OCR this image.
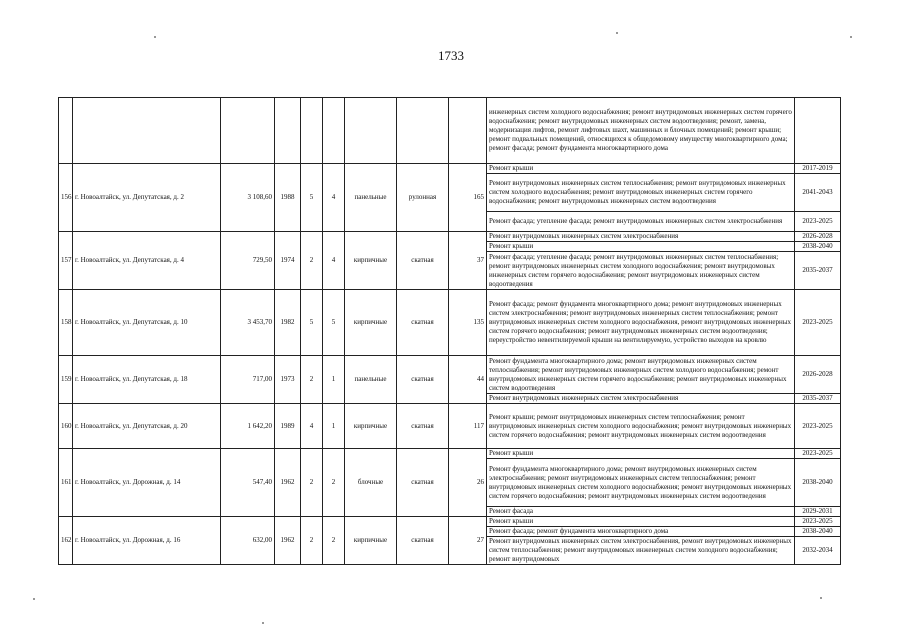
1733
									инженерных систем холодного водоснабжения; ремонт внутридомовых инженерных систем горячего водоснабжения; ремонт внутридомовых инженерных систем водоотведения; ремонт, замена, модернизация лифтов, ремонт лифтовых шахт, машинных и блочных помещений; ремонт крыши; ремонт подвальных помещений, относящихся к общедомовому имуществу многоквартирного дома; ремонт фасада; ремонт фундамента многоквартирного дома	
156	г. Новоалтайск, ул. Депутатская, д. 2	3 108,60	1988	5	4	панельные	рулонная	165	Ремонт крыши	2017-2019
									Ремонт внутридомовых инженерных систем теплоснабжения; ремонт внутридомовых инженерных систем холодного водоснабжения; ремонт внутридомовых инженерных систем горячего водоснабжения; ремонт внутридомовых инженерных систем водоотведения	2041-2043
									Ремонт фасада; утепление фасада; ремонт внутридомовых инженерных систем электроснабжения	2023-2025
157	г. Новоалтайск, ул. Депутатская, д. 4	729,50	1974	2	4	кирпичные	скатная	37	Ремонт внутридомовых инженерных систем электроснабжения	2026-2028
									Ремонт крыши	2038-2040
									Ремонт фасада; утепление фасада; ремонт внутридомовых инженерных систем теплоснабжения; ремонт внутридомовых инженерных систем холодного водоснабжения; ремонт внутридомовых инженерных систем горячего водоснабжения; ремонт внутридомовых инженерных систем водоотведения	2035-2037
158	г. Новоалтайск, ул. Депутатская, д. 10	3 453,70	1982	5	5	кирпичные	скатная	135	Ремонт фасада; ремонт фундамента многоквартирного дома; ремонт внутридомовых инженерных систем электроснабжения; ремонт внутридомовых инженерных систем теплоснабжения; ремонт внутридомовых инженерных систем холодного водоснабжения, ремонт внутридомовых инженерных систем горячего водоснабжения; ремонт внутридомовых инженерных систем водоотведения; переустройство невентилируемой крыши на вентилируемую, устройство выходов на кровлю	2023-2025
159	г. Новоалтайск, ул. Депутатская, д. 18	717,00	1973	2	1	панельные	скатная	44	Ремонт фундамента многоквартирного дома; ремонт внутридомовых инженерных систем теплоснабжения; ремонт внутридомовых инженерных систем холодного водоснабжения; ремонт внутридомовых инженерных систем горячего водоснабжения; ремонт внутридомовых инженерных систем водоотведения	2026-2028
									Ремонт внутридомовых инженерных систем электроснабжения	2035-2037
160	г. Новоалтайск, ул. Депутатская, д. 20	1 642,20	1989	4	1	кирпичные	скатная	117	Ремонт крыши; ремонт внутридомовых инженерных систем теплоснабжения; ремонт внутридомовых инженерных систем холодного водоснабжения; ремонт внутридомовых инженерных систем горячего водоснабжения; ремонт внутридомовых инженерных систем водоотведения	2023-2025
161	г. Новоалтайск, ул. Дорожная, д. 14	547,40	1962	2	2	блочные	скатная	26	Ремонт крыши	2023-2025
									Ремонт фундамента многоквартирного дома; ремонт внутридомовых инженерных систем электроснабжения; ремонт внутридомовых инженерных систем теплоснабжения; ремонт внутридомовых инженерных систем холодного водоснабжения; ремонт внутридомовых инженерных систем горячего водоснабжения; ремонт внутридомовых инженерных систем водоотведения	2038-2040
									Ремонт фасада	2029-2031
162	г. Новоалтайск, ул. Дорожная, д. 16	632,00	1962	2	2	кирпичные	скатная	27	Ремонт крыши	2023-2025
									Ремонт фасада; ремонт фундамента многоквартирного дома	2038-2040
									Ремонт внутридомовых инженерных систем электроснабжения, ремонт внутридомовых инженерных систем теплоснабжения; ремонт внутридомовых инженерных систем холодного водоснабжения; ремонт внутридомовых	2032-2034
